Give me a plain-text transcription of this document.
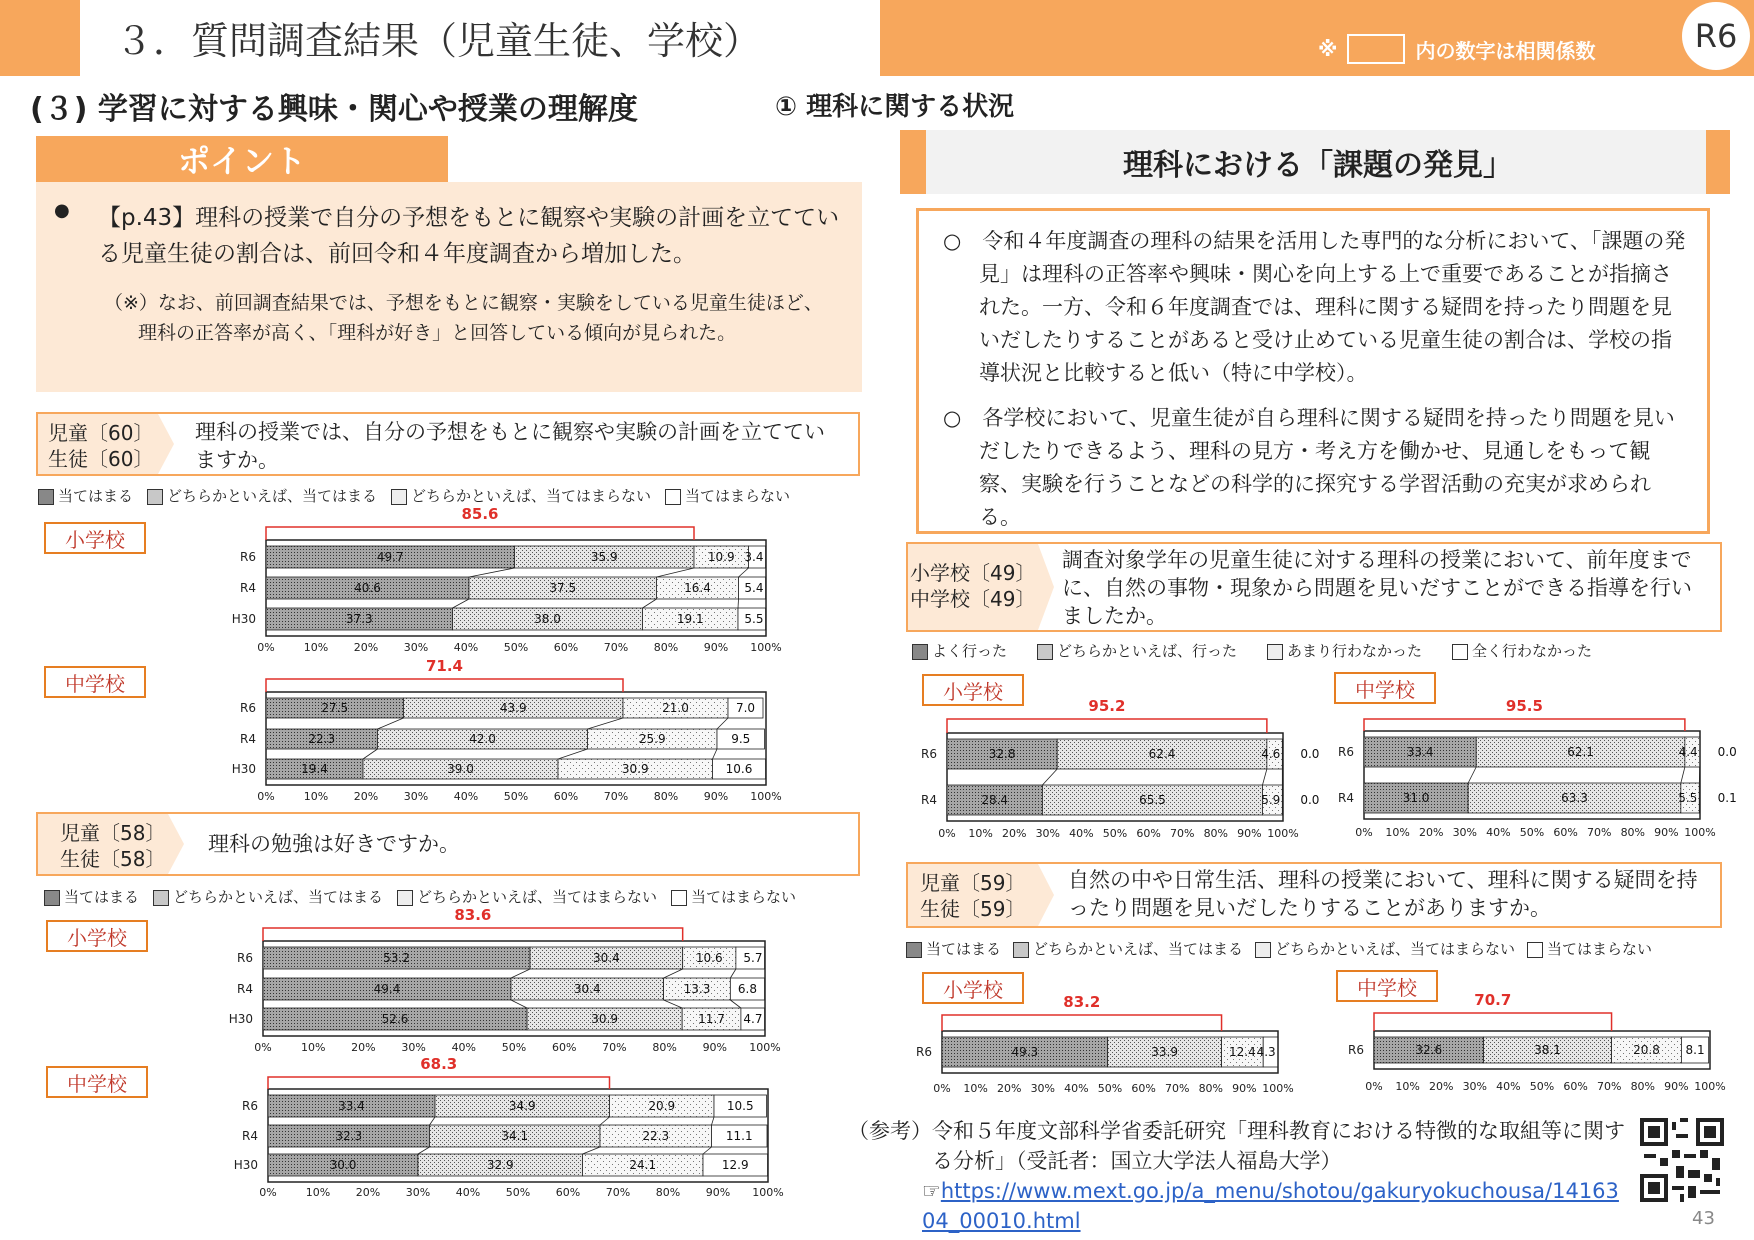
３．質問調査結果（児童生徒、学校）	※	内の数字は相関係数	R6
(３) 学習に対する興味・関心や授業の理解度	① 理科に関する状況
ポイント
● 【p.43】理科の授業で自分の予想をもとに観察や実験の計画を立てている児童生徒の割合は、前回令和４年度調査から増加した。
（※）なお、前回調査結果では、予想をもとに観察・実験をしている児童生徒ほど、理科の正答率が高く、「理科が好き」と回答している傾向が見られた。
児童〔60〕
生徒〔60〕
理科の授業では、自分の予想をもとに観察や実験の計画を立てていますか。
当てはまる	どちらかといえば、当てはまる	どちらかといえば、当てはまらない	当てはまらない
小学校
中学校
児童〔58〕
生徒〔58〕
理科の勉強は好きですか。
当てはまる	どちらかといえば、当てはまる	どちらかといえば、当てはまらない	当てはまらない
小学校
中学校
理科における「課題の発見」
○　令和４年度調査の理科の結果を活用した専門的な分析において、「課題の発見」は理科の正答率や興味・関心を向上する上で重要であることが指摘された。一方、令和６年度調査では、理科に関する疑問を持ったり問題を見いだしたりすることがあると受け止めている児童生徒の割合は、学校の指導状況と比較すると低い（特に中学校）。
○　各学校において、児童生徒が自ら理科に関する疑問を持ったり問題を見いだしたりできるよう、理科の見方・考え方を働かせ、見通しをもって観察、実験を行うことなどの科学的に探究する学習活動の充実が求められる。
小学校〔49〕
中学校〔49〕
調査対象学年の児童生徒に対する理科の授業において、前年度までに、自然の事物・現象から問題を見いだすことができる指導を行いましたか。
よく行った	どちらかといえば、行った	あまり行わなかった	全く行わなかった
小学校	中学校
児童〔59〕
生徒〔59〕
自然の中や日常生活、理科の授業において、理科に関する疑問を持ったり問題を見いだしたりすることがありますか。
当てはまる	どちらかといえば、当てはまる	どちらかといえば、当てはまらない	当てはまらない
小学校	中学校
（参考） 令和５年度文部科学省委託研究「理科教育における特徴的な取組等に関する分析」（受託者：国立大学法人福島大学）
☞https://www.mext.go.jp/a_menu/shotou/gakuryokuchousa/1416304_00010.html	43
R6	49.7	35.9	10.9 3.4
R4	40.6	37.5	16.4	5.4
H30	37.3	38.0	19.1	5.5
0%	10% 20% 30% 40% 50% 60% 70% 80% 90% 100%
85.6
R6	27.5	43.9	21.0	7.0
R4	22.3	42.0	25.9	9.5
H30	19.4	39.0	30.9	10.6
0%	10% 20% 30% 40% 50% 60% 70% 80% 90% 100%
71.4
R6	53.2	30.4	10.6 5.7
R4	49.4	30.4	13.3 6.8
H30	52.6	30.9	11.7 4.7
0%	10% 20% 30% 40% 50% 60% 70% 80% 90% 100%
83.6
R6	33.4	34.9	20.9	10.5
R4	32.3	34.1	22.3	11.1
H30	30.0	32.9	24.1	12.9
0%	10% 20% 30% 40% 50% 60% 70% 80% 90% 100%
68.3
R6	32.8	62.4	4.6 0.0
R4	28.4	65.5	5.9 0.0
0% 10% 20% 30% 40% 50% 60% 70% 80% 90% 100%
95.2
R6	33.4	62.1	4.4 0.0
R4	31.0	63.3	5.5 0.1
0% 10% 20% 30% 40% 50% 60% 70% 80% 90% 100%
95.5
R6	49.3	33.9	12.4 4.3
0% 10% 20% 30% 40% 50% 60% 70% 80% 90% 100%
83.2
R6	32.6	38.1	20.8 8.1
0% 10% 20% 30% 40% 50% 60% 70% 80% 90% 100%
70.7
